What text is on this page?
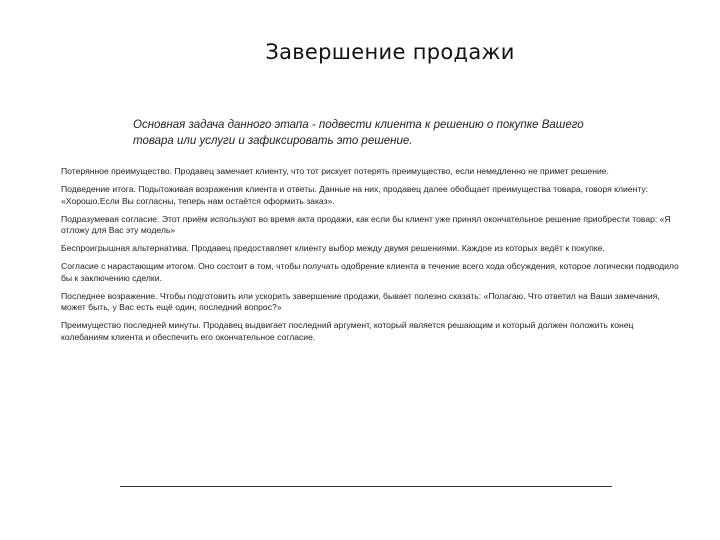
Завершение продажи
Основная задача данного этапа - подвести клиента к решению о покупке Вашего товара или услуги и зафиксировать это решение.

Потерянное преимущество. Продавец замечает клиенту, что тот рискует потерять преимущество, если немедленно не примет решение.

Подведение итога. Подытоживая возражения клиента и ответы. Данные на них, продавец далее обобщает преимущества товара, говоря клиенту: «Хорошо.Если Вы согласны, теперь нам остаётся оформить заказ».

Подразумевая согласие. Этот приём используют во время акта продажи, как если бы клиент уже принял окончательное решение приобрести товар: «Я отложу для Вас эту модель»

Беспроигрышная альтернатива. Продавец предоставляет клиенту выбор между двумя решениями. Каждое из которых ведёт к покупке.

Согласие с нарастающим итогом. Оно состоит в том, чтобы получать одобрение клиента в течение всего хода обсуждения, которое логически подводило бы к заключению сделки.

Последнее возражение. Чтобы подготовить или ускорить завершение продажи, бывает полезно сказать: «Полагаю. Что ответил на Ваши замечания, может быть, у Вас есть ещё один, последний вопрос?»

Преимущество последней минуты. Продавец выдвигает последний аргумент, который является решающим и который должен положить конец колебаниям клиента и обеспечить его окончательное согласие.
